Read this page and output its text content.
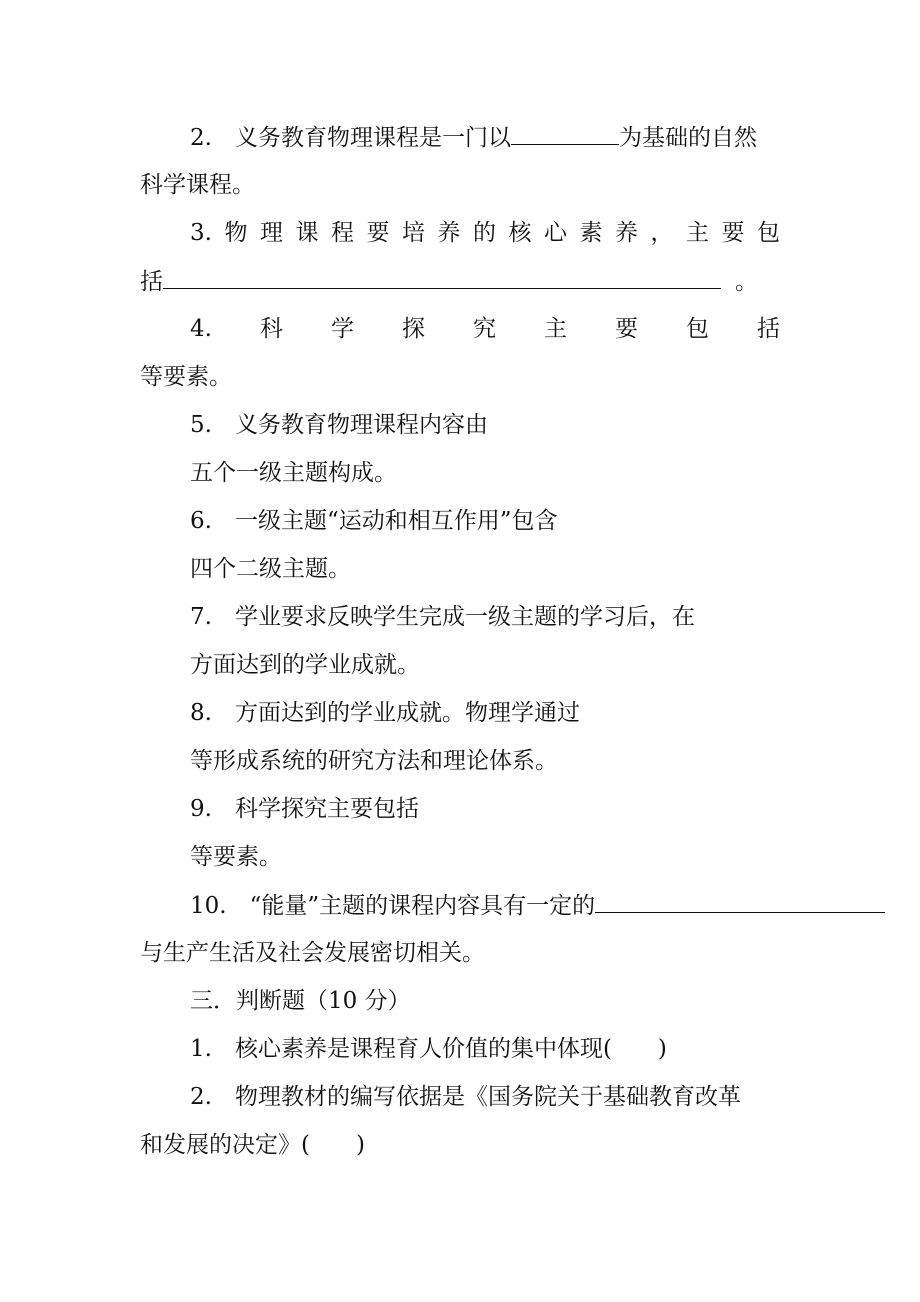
2.　 义务教育物理课程是一门以	为基础的自然
科学课程。
3. 物 理 课 程 要 培 养 的 核 心 素 养 ， 主 要 包
括	。
4. 科 学 探 究 主 要 包 括
等要素。
5.　义务教育物理课程内容由
五个一级主题构成。
6.　一级主题“运动和相互作用”包含
四个二级主题。
7.　学业要求反映学生完成一级主题的学习后，在
方面达到的学业成就。
8.　方面达到的学业成就。物理学通过
等形成系统的研究方法和理论体系。
9.　科学探究主要包括
等要素。
10.　“能量”主题的课程内容具有一定的
与生产生活及社会发展密切相关。
三．判断题（10 分）
1.　核心素养是课程育人价值的集中体现(　　)
2.　物理教材的编写依据是《国务院关于基础教育改革
和发展的决定》(　　)
